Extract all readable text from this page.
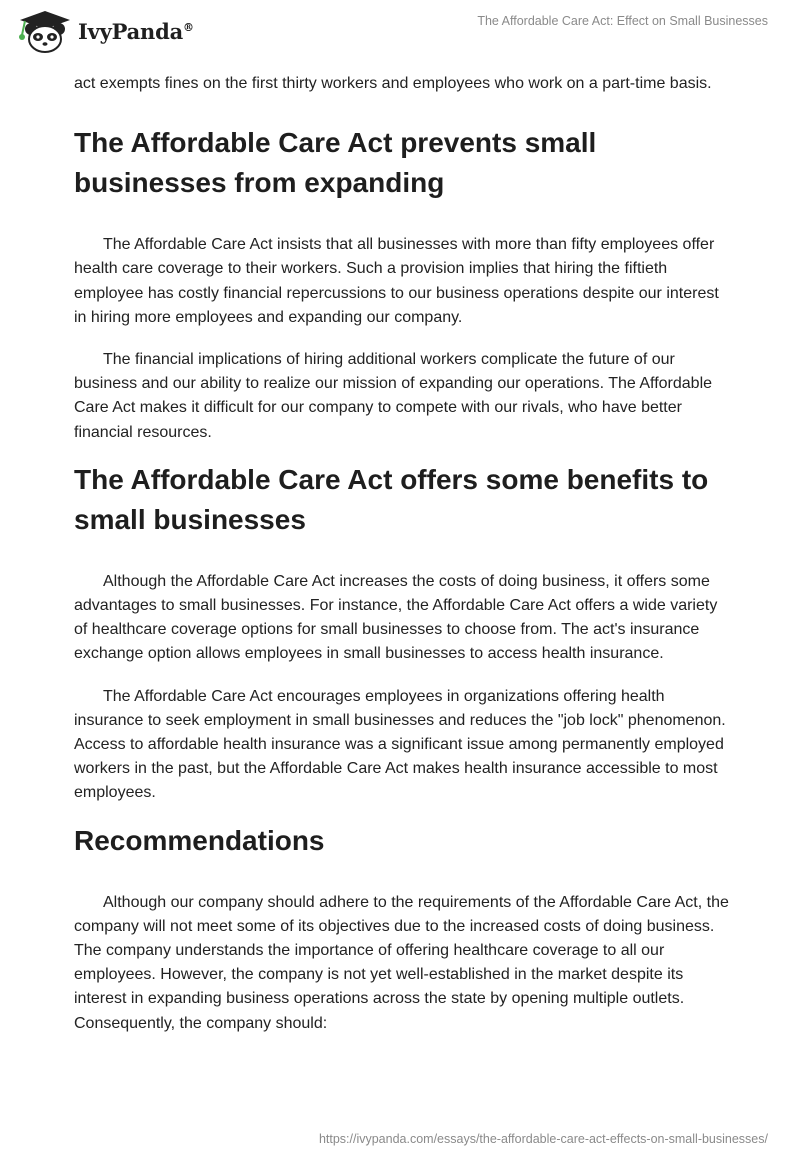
IvyPanda®	The Affordable Care Act: Effect on Small Businesses

act exempts fines on the first thirty workers and employees who work on a part-time basis.

The Affordable Care Act prevents small businesses from expanding

The Affordable Care Act insists that all businesses with more than fifty employees offer health care coverage to their workers. Such a provision implies that hiring the fiftieth employee has costly financial repercussions to our business operations despite our interest in hiring more employees and expanding our company.

The financial implications of hiring additional workers complicate the future of our business and our ability to realize our mission of expanding our operations. The Affordable Care Act makes it difficult for our company to compete with our rivals, who have better financial resources.

The Affordable Care Act offers some benefits to small businesses

Although the Affordable Care Act increases the costs of doing business, it offers some advantages to small businesses. For instance, the Affordable Care Act offers a wide variety of healthcare coverage options for small businesses to choose from. The act's insurance exchange option allows employees in small businesses to access health insurance.

The Affordable Care Act encourages employees in organizations offering health insurance to seek employment in small businesses and reduces the "job lock" phenomenon. Access to affordable health insurance was a significant issue among permanently employed workers in the past, but the Affordable Care Act makes health insurance accessible to most employees.

Recommendations

Although our company should adhere to the requirements of the Affordable Care Act, the company will not meet some of its objectives due to the increased costs of doing business. The company understands the importance of offering healthcare coverage to all our employees. However, the company is not yet well-established in the market despite its interest in expanding business operations across the state by opening multiple outlets. Consequently, the company should:

https://ivypanda.com/essays/the-affordable-care-act-effects-on-small-businesses/
